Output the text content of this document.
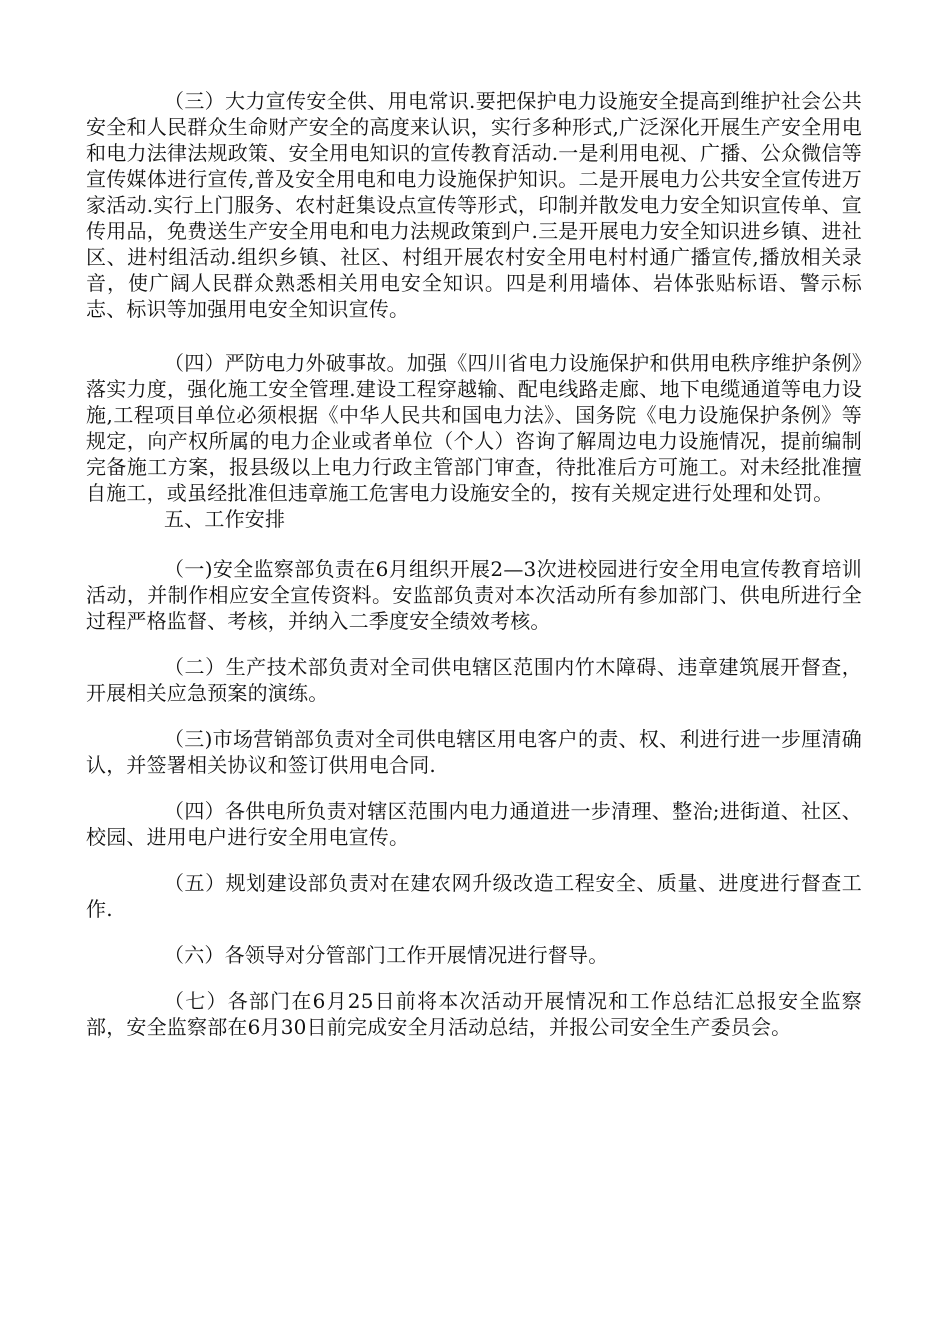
（三）大力宣传安全供、用电常识.要把保护电力设施安全提高到维护社会公共安全和人民群众生命财产安全的高度来认识，实行多种形式,广泛深化开展生产安全用电和电力法律法规政策、安全用电知识的宣传教育活动.一是利用电视、广播、公众微信等宣传媒体进行宣传,普及安全用电和电力设施保护知识。二是开展电力公共安全宣传进万家活动.实行上门服务、农村赶集设点宣传等形式，印制并散发电力安全知识宣传单、宣传用品，免费送生产安全用电和电力法规政策到户.三是开展电力安全知识进乡镇、进社区、进村组活动.组织乡镇、社区、村组开展农村安全用电村村通广播宣传,播放相关录音，使广阔人民群众熟悉相关用电安全知识。四是利用墙体、岩体张贴标语、警示标志、标识等加强用电安全知识宣传。

（四）严防电力外破事故。加强《四川省电力设施保护和供用电秩序维护条例》落实力度，强化施工安全管理.建设工程穿越输、配电线路走廊、地下电缆通道等电力设施,工程项目单位必须根据《中华人民共和国电力法》、国务院《电力设施保护条例》等规定，向产权所属的电力企业或者单位（个人）咨询了解周边电力设施情况，提前编制完备施工方案，报县级以上电力行政主管部门审查，待批准后方可施工。对未经批准擅自施工，或虽经批准但违章施工危害电力设施安全的，按有关规定进行处理和处罚。

五、工作安排

（一)安全监察部负责在6月组织开展2—3次进校园进行安全用电宣传教育培训活动，并制作相应安全宣传资料。安监部负责对本次活动所有参加部门、供电所进行全过程严格监督、考核，并纳入二季度安全绩效考核。

（二）生产技术部负责对全司供电辖区范围内竹木障碍、违章建筑展开督查，开展相关应急预案的演练。

（三)市场营销部负责对全司供电辖区用电客户的责、权、利进行进一步厘清确认，并签署相关协议和签订供用电合同.

（四）各供电所负责对辖区范围内电力通道进一步清理、整治;进街道、社区、校园、进用电户进行安全用电宣传。

（五）规划建设部负责对在建农网升级改造工程安全、质量、进度进行督查工作.

（六）各领导对分管部门工作开展情况进行督导。

（七）各部门在6月25日前将本次活动开展情况和工作总结汇总报安全监察部，安全监察部在6月30日前完成安全月活动总结，并报公司安全生产委员会。
